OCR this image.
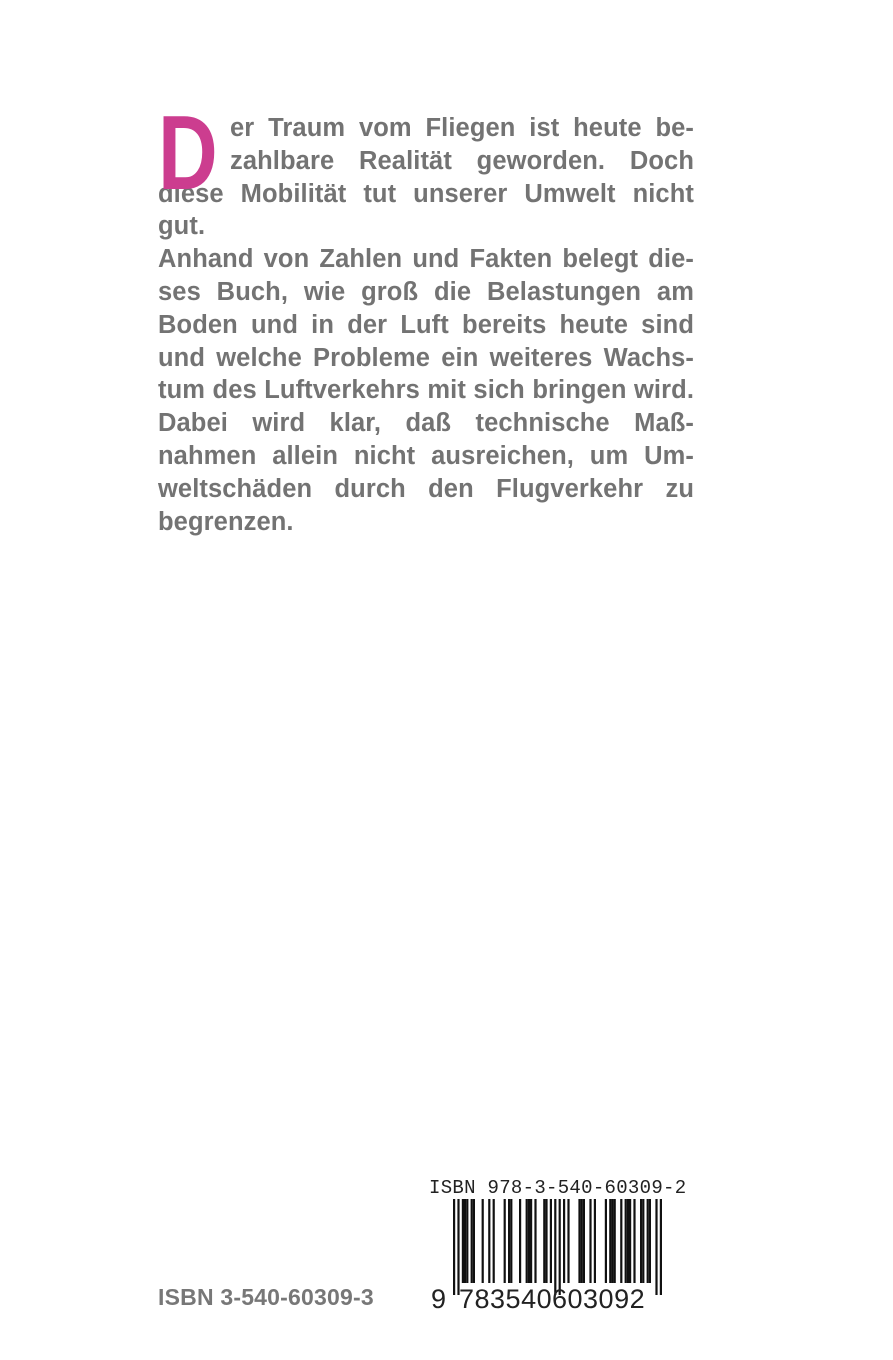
D er Traum vom Fliegen ist heute be-
zahlbare Realität geworden. Doch
diese Mobilität tut unserer Umwelt nicht
gut.
Anhand von Zahlen und Fakten belegt die-
ses Buch, wie groß die Belastungen am
Boden und in der Luft bereits heute sind
und welche Probleme ein weiteres Wachs-
tum des Luftverkehrs mit sich bringen wird.
Dabei wird klar, daß technische Maß-
nahmen allein nicht ausreichen, um Um-
weltschäden durch den Flugverkehr zu
begrenzen.
ISBN 3-540-60309-3
ISBN 978-3-540-60309-2
9 783540 603092
